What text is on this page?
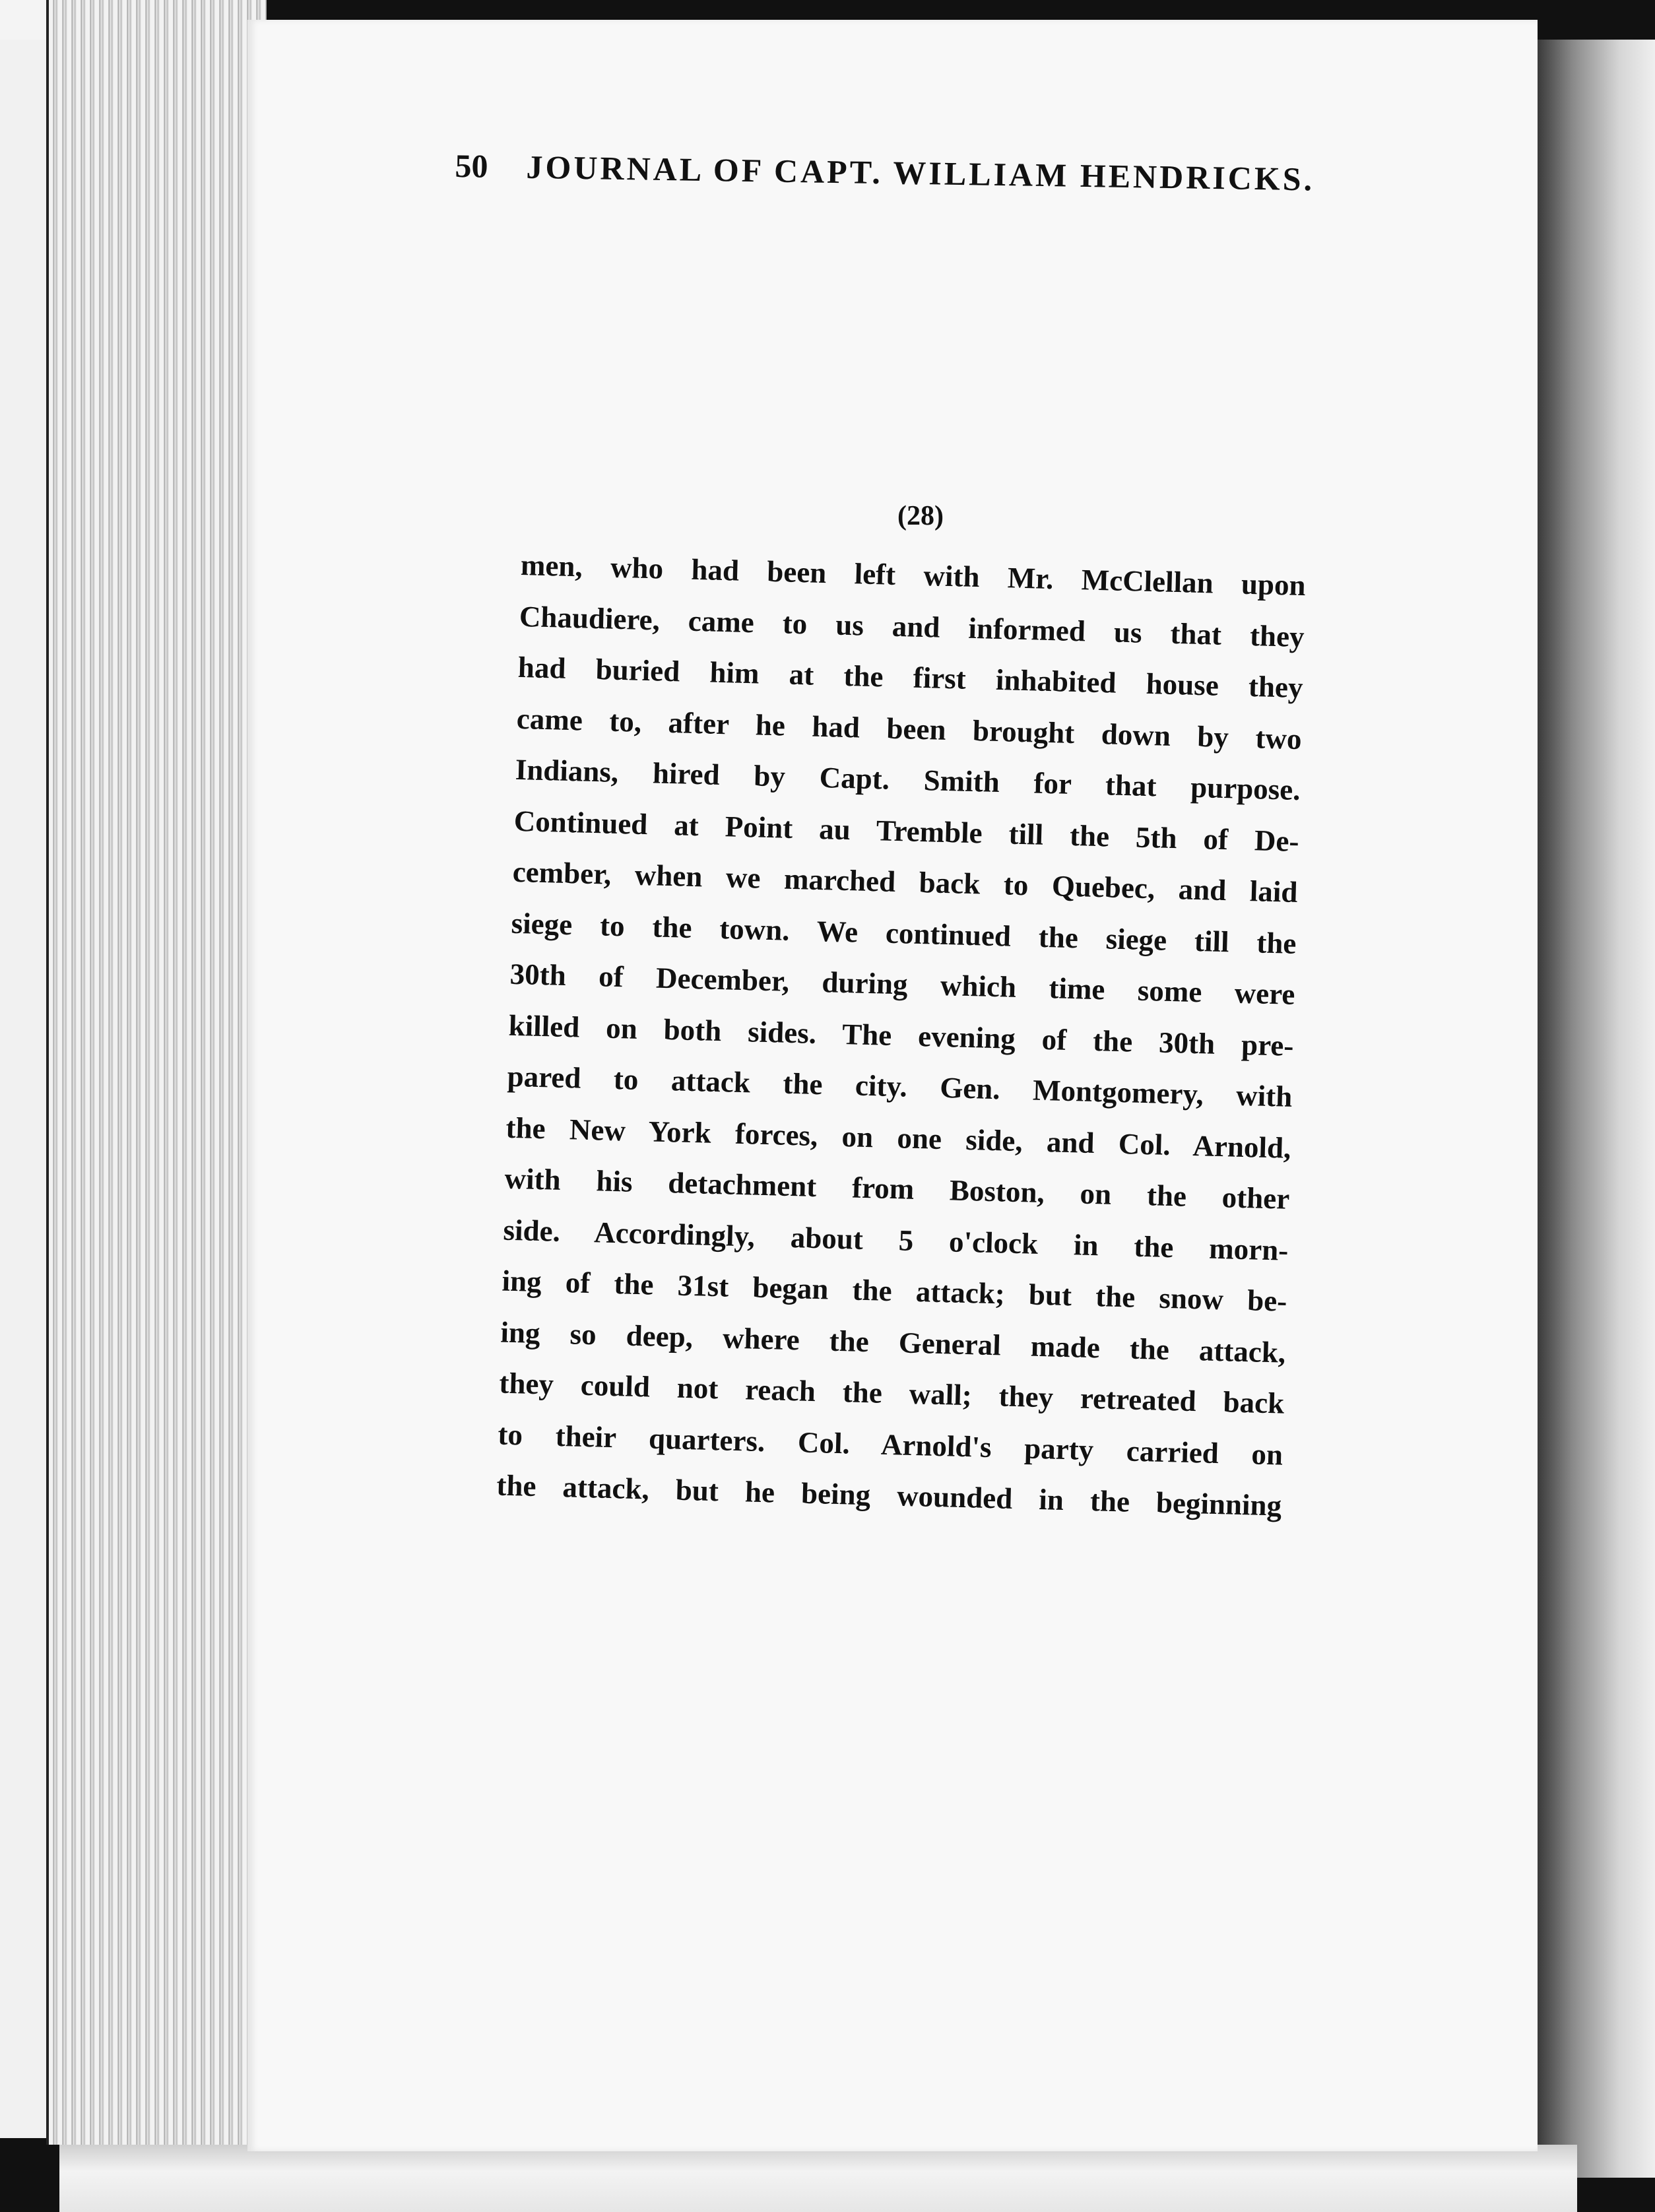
50 JOURNAL OF CAPT. WILLIAM HENDRICKS.
(28)
men, who had been left with Mr. McClellan upon
Chaudiere, came to us and informed us that they
had buried him at the first inhabited house they
came to, after he had been brought down by two
Indians, hired by Capt. Smith for that purpose.
Continued at Point au Tremble till the 5th of De-
cember, when we marched back to Quebec, and laid
siege to the town. We continued the siege till the
30th of December, during which time some were
killed on both sides. The evening of the 30th pre-
pared to attack the city. Gen. Montgomery, with
the New York forces, on one side, and Col. Arnold,
with his detachment from Boston, on the other
side. Accordingly, about 5 o'clock in the morn-
ing of the 31st began the attack; but the snow be-
ing so deep, where the General made the attack,
they could not reach the wall; they retreated back
to their quarters. Col. Arnold's party carried on
the attack, but he being wounded in the beginning
